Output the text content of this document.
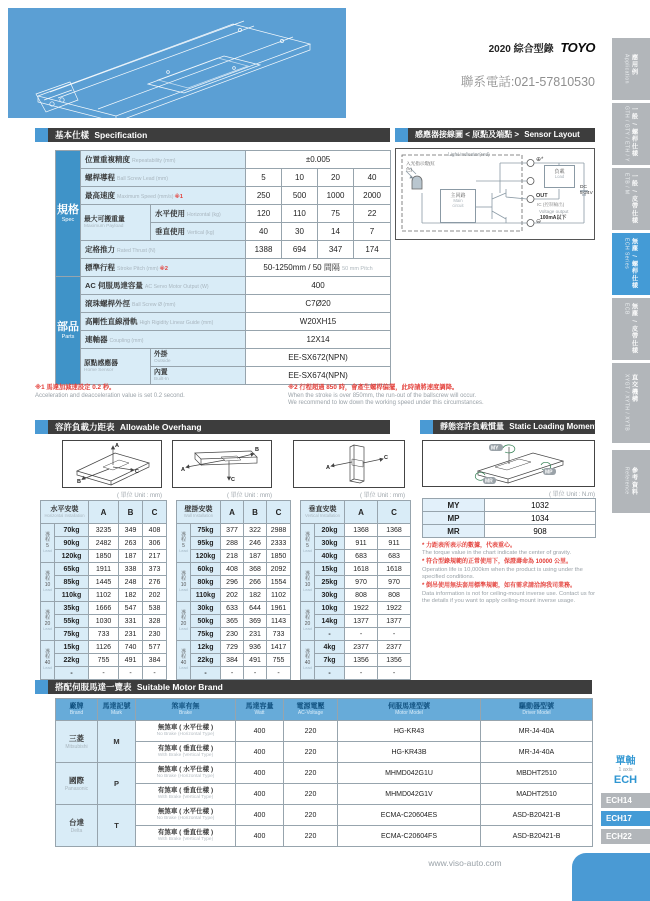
2020 綜合型錄 TOYO
聯系電話:021-57810530
基本仕樣 Specification
規格
Spec	位置重複精度 Repeatability (mm)		±0.005			
	螺桿導程 Ball Screw Lead (mm)		5	10	20	40
	最高速度 Maximum Speed (mm/s)※1		250	500	1000	2000

	最大可搬重量
Maximum Payload	水平使用 Horizontal (kg)	120	110	75	22
		垂直使用 Vertical (kg)	40	30	14	7
	定格推力 Rated Thrust (N)		1388	694	347	174
	標準行程 Stroke Pitch (mm)※2		50-1250mm / 50 間隔 50 mm Pitch			

部品
Parts	AC 伺服馬達容量 AC Servo Motor Output (W)		400			
	滾珠螺桿外徑 Ball Screw Ø (mm)		C7Ø20			
	高剛性直線滑軌 High Rigidity Linear Guide (mm)		W20XH15			
	連軸器 Coupling (mm)		12X14			

	原點感應器
Home Sensor	外掛
Outside	EE-SX672(NPN)			

		內置
Built-In	EE-SX674(NPN)			
※1 馬達加減速設定 0.2 秒。
Acceleration and deacceleration value is set 0.2 second.
※2 行程超過 850 時，會產生螺桿偏擺，此時請將速度調降。
When the stroke is over 850mm, the run-out of the ballscrew will occur.
We recommend to low down the working speed under this circumstances.
感應器接線圖 < 原點及端點 > Sensor Layout
Light indicator(red)
入光指示燈(紅色)
主回路
Main
circuit
負載
Load
⊕*
OUT
IC (控制輸出)
Voltage output
100mA以下
⊖
DC
5-24V
容許負載力距表 Allowable Overhang
A
B
C	A
B
C
A
C
( 單位 Unit : mm)	( 單位 Unit : mm)	( 單位 Unit : mm)
水平安裝
Horizontal Installation		A	B	C

導
程
5
Lead	70kg	3235	349	408
	90kg	2482	263	306
	120kg	1850	187	217

導
程
10
Lead	65kg	1911	338	373
	85kg	1445	248	276
	110kg	1102	182	202

導
程
20
Lead	35kg	1666	547	538
	55kg	1030	331	328
	75kg	733	231	230

導
程
40
Lead	15kg	1126	740	577
	22kg	755	491	384
	-	-	-	-
壁掛安裝
Wall Installation		A	B	C

導
程
5
Lead	75kg	377	322	2988
	95kg	288	246	2333
	120kg	218	187	1850

導
程
10
Lead	60kg	408	368	2092
	80kg	296	266	1554
	110kg	202	182	1102

導
程
20
Lead	30kg	633	644	1961
	50kg	365	369	1143
	75kg	230	231	733

導
程
40
Lead	12kg	729	936	1417
	22kg	384	491	755
	-	-	-	-
垂直安裝
Vertical Installation		A	C

導
程
5
Lead	20kg	1368	1368
	30kg	911	911
	40kg	683	683

導
程
10
Lead	15kg	1618	1618
	25kg	970	970
	30kg	808	808

導
程
20
Lead	10kg	1922	1922
	14kg	1377	1377
	-	-	-

導
程
40
Lead	4kg	2377	2377
	7kg	1356	1356
	-	-	-
靜態容許負載慣量 Static Loading Moment
MY
MP
MR
( 單位 Unit : N.m)
MY	1032
MP	1034
MR	908
* 力距表所表示的數據，代表重心。
The torque value in the chart indicate the center of gravity.
* 符合型錄規範的正常使用下，保證壽命為 10000 公里。
Operation life is 10,000km when the product is using under the specified conditions.
* 倒吊使用無法套用標準規範，如有需求請洽詢我司業務。
Data information is not for ceiling-mount inverse use. Contact us for the details if you want to apply ceiling-mount inverse usage.
搭配伺服馬達一覽表 Suitable Motor Brand
廠牌
Brand	馬達記號
Mark	煞車有無
Brake	馬達容量
Watt	電源電壓
AC-Voltage	伺服馬達型號
Motor Model	驅動器型號
Driver Model

三菱
Mitsubishi	M	無煞車 ( 水平仕樣 )
No Brake (Horizontal Type)	400	220	HG-KR43	MR-J4-40A

		有煞車 ( 垂直仕樣 )
With Brake (Vertical Type)	400	220	HG-KR43B	MR-J4-40A

國際
Panasonic	P	無煞車 ( 水平仕樣 )
No Brake (Horizontal Type)	400	220	MHMD042G1U	MBDHT2510

		有煞車 ( 垂直仕樣 )
With Brake (Vertical Type)	400	220	MHMD042G1V	MADHT2510

台達
Delta	T	無煞車 ( 水平仕樣 )
No Brake (Horizontal Type)	400	220	ECMA-C20604ES	ASD-B20421-B

		有煞車 ( 垂直仕樣 )
With Brake (Vertical Type)	400	220	ECMA-C20604FS	ASD-B20421-B
www.viso-auto.com
應用例
Application
一般 / 螺桿仕樣
GTH / GTY / ETH / Y
一般 / 皮帶仕樣
ETB / M
無塵 / 螺桿仕樣
ECH Series
無塵 / 皮帶仕樣
ECB
直交機構
XYGT / XYTH / XYTB
參考資料
Reference
單軸
1 axis
ECH
ECH14
ECH17
ECH22
